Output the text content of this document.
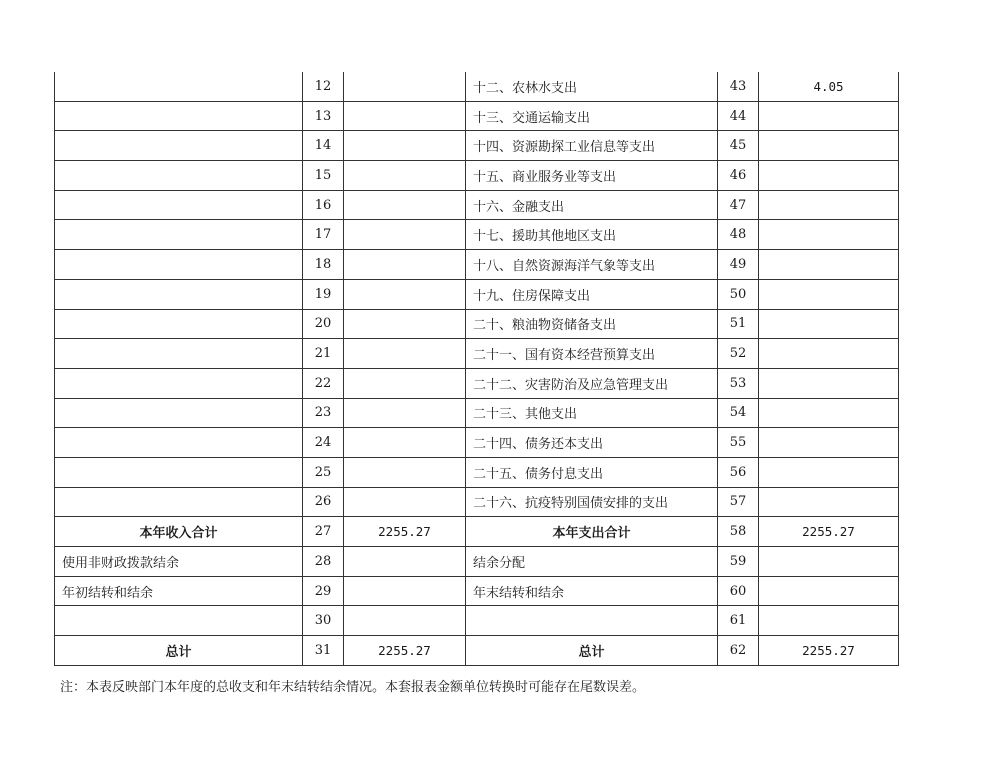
	12		十二、农林水支出	43	4.05
	13		十三、交通运输支出	44	
	14		十四、资源勘探工业信息等支出	45	
	15		十五、商业服务业等支出	46	
	16		十六、金融支出	47	
	17		十七、援助其他地区支出	48	
	18		十八、自然资源海洋气象等支出	49	
	19		十九、住房保障支出	50	
	20		二十、粮油物资储备支出	51	
	21		二十一、国有资本经营预算支出	52	
	22		二十二、灾害防治及应急管理支出	53	
	23		二十三、其他支出	54	
	24		二十四、债务还本支出	55	
	25		二十五、债务付息支出	56	
	26		二十六、抗疫特别国债安排的支出	57	
本年收入合计	27	2255.27	本年支出合计	58	2255.27
使用非财政拨款结余	28		结余分配	59	
年初结转和结余	29		年末结转和结余	60	
	30			61	
总计	31	2255.27	总计	62	2255.27
注：本表反映部门本年度的总收支和年末结转结余情况。本套报表金额单位转换时可能存在尾数误差。
